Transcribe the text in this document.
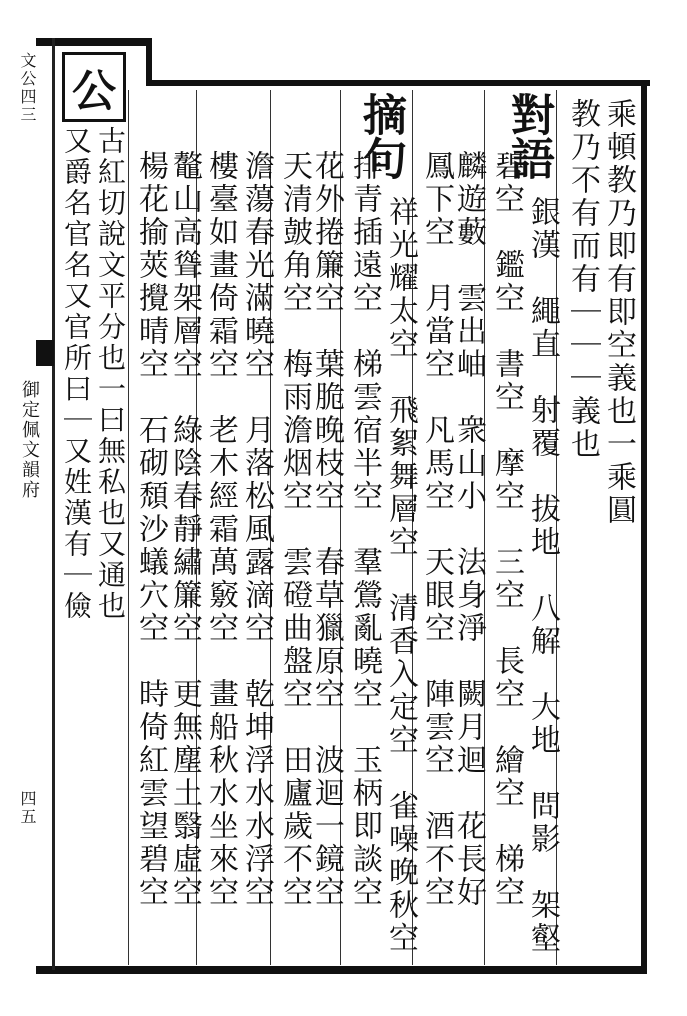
文公四三
御定佩文韻府
四五
乘頓教乃即有即空義也一乘圓
教乃不有而有｜｜｜義也
對語
銀漢　繩直　射覆　拔地　八解　大地　問影　架壑
碧空　鑑空　書空　摩空　三空　長空　繪空　梯空
麟遊藪　雲出岫　衆山小　法身淨　闕月迴　花長好
鳳下空　月當空　凡馬空　天眼空　陣雲空　酒不空
摘句
祥光耀太空　飛絮舞層空　清香入定空　雀噪晚秋空
排青插遠空　梯雲宿半空　羣鶯亂曉空　玉柄即談空
花外捲簾空　葉脆晚枝空　春草獵原空　波迴一鏡空
天清皷角空　梅雨澹烟空　雲磴曲盤空　田廬歲不空
澹蕩春光滿曉空　月落松風露滴空　乾坤浮水水浮空
樓臺如畫倚霜空　老木經霜萬竅空　畫船秋水坐來空
鼇山高聳架層空　綠陰春靜繡簾空　更無塵土翳虛空
楊花揄莢攪晴空　石砌頹沙蟻穴空　時倚紅雲望碧空
公
古紅切說文平分也一曰無私也又通也
又爵名官名又官所曰｜又姓漢有｜儉
